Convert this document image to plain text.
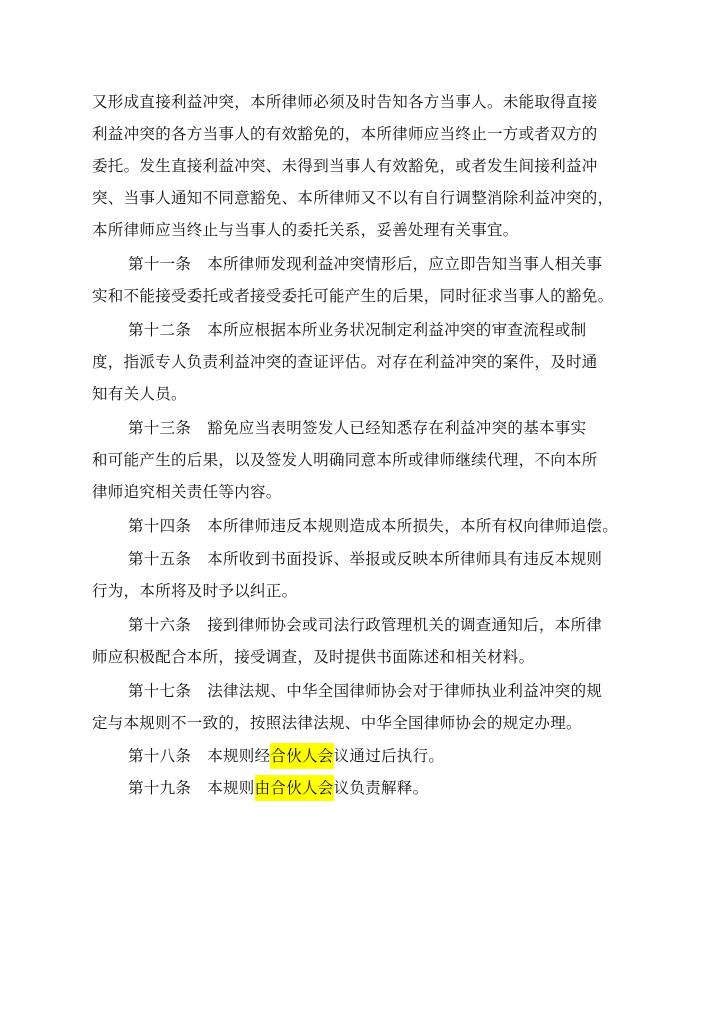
又形成直接利益冲突，本所律师必须及时告知各方当事人。未能取得直接
利益冲突的各方当事人的有效豁免的，本所律师应当终止一方或者双方的
委托。发生直接利益冲突、未得到当事人有效豁免，或者发生间接利益冲
突、当事人通知不同意豁免、本所律师又不以有自行调整消除利益冲突的，
本所律师应当终止与当事人的委托关系，妥善处理有关事宜。
第十一条 本所律师发现利益冲突情形后，应立即告知当事人相关事
实和不能接受委托或者接受委托可能产生的后果，同时征求当事人的豁免。
第十二条 本所应根据本所业务状况制定利益冲突的审查流程或制
度，指派专人负责利益冲突的查证评估。对存在利益冲突的案件，及时通
知有关人员。
第十三条 豁免应当表明签发人已经知悉存在利益冲突的基本事实
和可能产生的后果，以及签发人明确同意本所或律师继续代理，不向本所
律师追究相关责任等内容。
第十四条 本所律师违反本规则造成本所损失，本所有权向律师追偿。
第十五条 本所收到书面投诉、举报或反映本所律师具有违反本规则
行为，本所将及时予以纠正。
第十六条 接到律师协会或司法行政管理机关的调查通知后，本所律
师应积极配合本所，接受调查，及时提供书面陈述和相关材料。
第十七条 法律法规、中华全国律师协会对于律师执业利益冲突的规
定与本规则不一致的，按照法律法规、中华全国律师协会的规定办理。
第十八条 本规则经合伙人会议通过后执行。
第十九条 本规则由合伙人会议负责解释。
